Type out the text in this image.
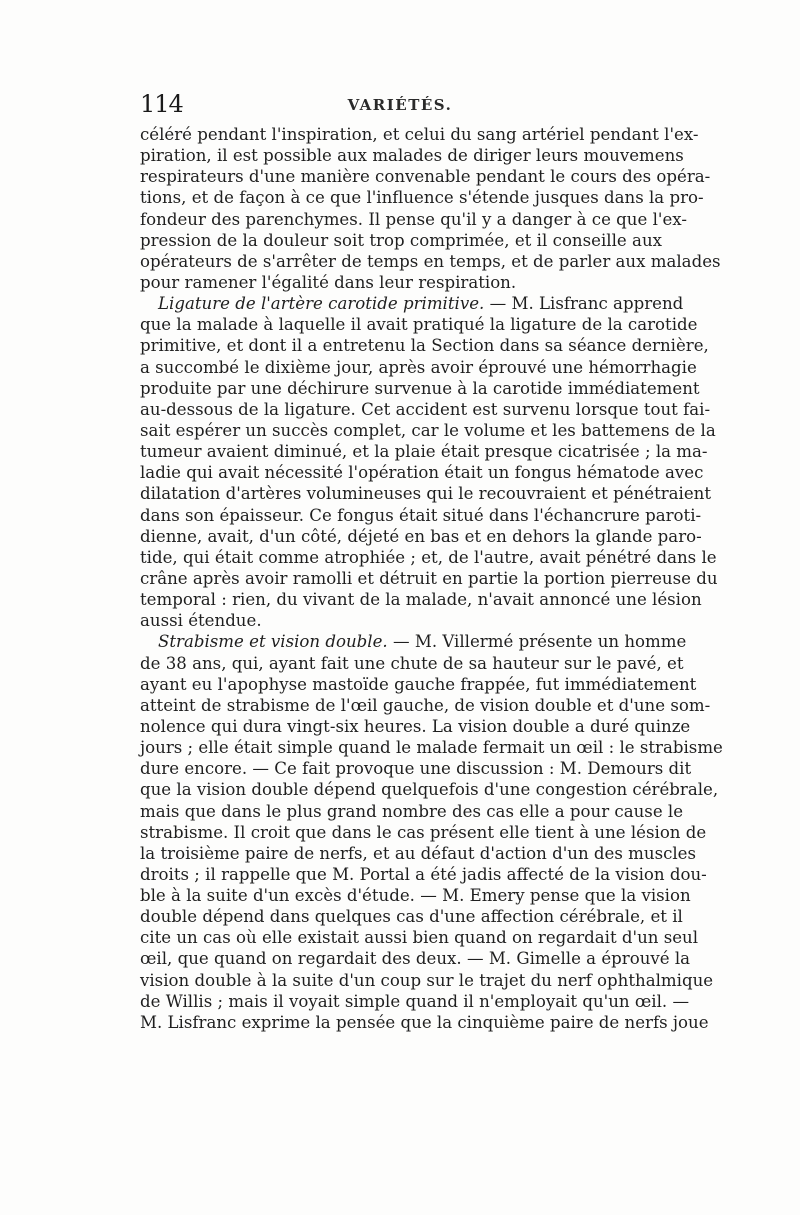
114	VARIÉTÉS.
céléré pendant l'inspiration, et celui du sang artériel pendant l'ex-
piration, il est possible aux malades de diriger leurs mouvemens
respirateurs d'une manière convenable pendant le cours des opéra-
tions, et de façon à ce que l'influence s'étende jusques dans la pro-
fondeur des parenchymes. Il pense qu'il y a danger à ce que l'ex-
pression de la douleur soit trop comprimée, et il conseille aux
opérateurs de s'arrêter de temps en temps, et de parler aux malades
pour ramener l'égalité dans leur respiration.
Ligature de l'artère carotide primitive. — M. Lisfranc apprend
que la malade à laquelle il avait pratiqué la ligature de la carotide
primitive, et dont il a entretenu la Section dans sa séance dernière,
a succombé le dixième jour, après avoir éprouvé une hémorrhagie
produite par une déchirure survenue à la carotide immédiatement
au-dessous de la ligature. Cet accident est survenu lorsque tout fai-
sait espérer un succès complet, car le volume et les battemens de la
tumeur avaient diminué, et la plaie était presque cicatrisée ; la ma-
ladie qui avait nécessité l'opération était un fongus hématode avec
dilatation d'artères volumineuses qui le recouvraient et pénétraient
dans son épaisseur. Ce fongus était situé dans l'échancrure paroti-
dienne, avait, d'un côté, déjeté en bas et en dehors la glande paro-
tide, qui était comme atrophiée ; et, de l'autre, avait pénétré dans le
crâne après avoir ramolli et détruit en partie la portion pierreuse du
temporal : rien, du vivant de la malade, n'avait annoncé une lésion
aussi étendue.
Strabisme et vision double. — M. Villermé présente un homme
de 38 ans, qui, ayant fait une chute de sa hauteur sur le pavé, et
ayant eu l'apophyse mastoïde gauche frappée, fut immédiatement
atteint de strabisme de l'œil gauche, de vision double et d'une som-
nolence qui dura vingt-six heures. La vision double a duré quinze
jours ; elle était simple quand le malade fermait un œil : le strabisme
dure encore. — Ce fait provoque une discussion : M. Demours dit
que la vision double dépend quelquefois d'une congestion cérébrale,
mais que dans le plus grand nombre des cas elle a pour cause le
strabisme. Il croit que dans le cas présent elle tient à une lésion de
la troisième paire de nerfs, et au défaut d'action d'un des muscles
droits ; il rappelle que M. Portal a été jadis affecté de la vision dou-
ble à la suite d'un excès d'étude. — M. Emery pense que la vision
double dépend dans quelques cas d'une affection cérébrale, et il
cite un cas où elle existait aussi bien quand on regardait d'un seul
œil, que quand on regardait des deux. — M. Gimelle a éprouvé la
vision double à la suite d'un coup sur le trajet du nerf ophthalmique
de Willis ; mais il voyait simple quand il n'employait qu'un œil. —
M. Lisfranc exprime la pensée que la cinquième paire de nerfs joue
